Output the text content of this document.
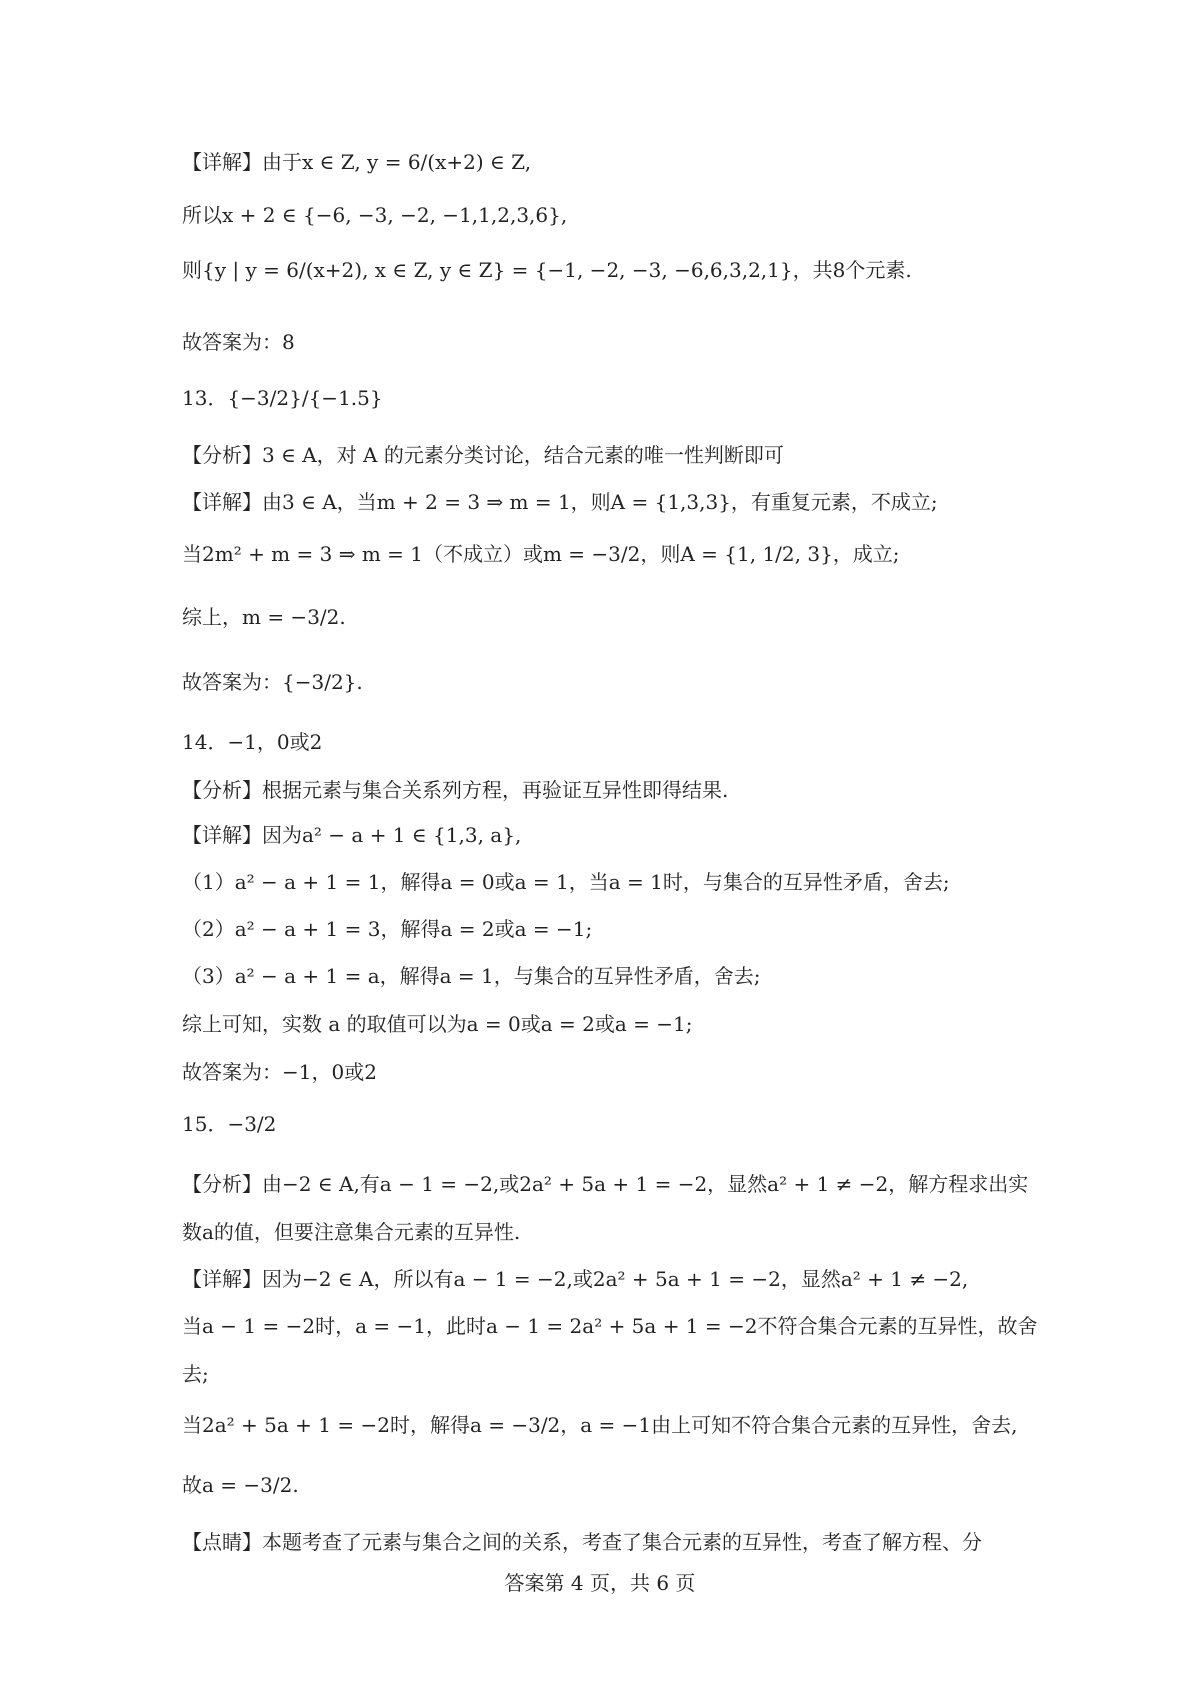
【详解】由于x ∈ Z, y = 6/(x+2) ∈ Z,
所以x + 2 ∈ {−6, −3, −2, −1,1,2,3,6},
则{y | y = 6/(x+2), x ∈ Z, y ∈ Z} = {−1, −2, −3, −6,6,3,2,1}，共8个元素.
故答案为：8
13．{−3/2}/{−1.5}
【分析】3 ∈ A，对 A 的元素分类讨论，结合元素的唯一性判断即可
【详解】由3 ∈ A，当m + 2 = 3 ⇒ m = 1，则A = {1,3,3}，有重复元素，不成立;
当2m² + m = 3 ⇒ m = 1（不成立）或m = −3/2，则A = {1, 1/2, 3}，成立;
综上，m = −3/2.
故答案为：{−3/2}.
14．−1，0或2
【分析】根据元素与集合关系列方程，再验证互异性即得结果.
【详解】因为a² − a + 1 ∈ {1,3, a},
（1）a² − a + 1 = 1，解得a = 0或a = 1，当a = 1时，与集合的互异性矛盾，舍去;
（2）a² − a + 1 = 3，解得a = 2或a = −1;
（3）a² − a + 1 = a，解得a = 1，与集合的互异性矛盾，舍去;
综上可知，实数 a 的取值可以为a = 0或a = 2或a = −1;
故答案为：−1，0或2
15．−3/2
【分析】由−2 ∈ A,有a − 1 = −2,或2a² + 5a + 1 = −2，显然a² + 1 ≠ −2，解方程求出实
数a的值，但要注意集合元素的互异性.
【详解】因为−2 ∈ A，所以有a − 1 = −2,或2a² + 5a + 1 = −2，显然a² + 1 ≠ −2,
当a − 1 = −2时，a = −1，此时a − 1 = 2a² + 5a + 1 = −2不符合集合元素的互异性，故舍
去;
当2a² + 5a + 1 = −2时，解得a = −3/2，a = −1由上可知不符合集合元素的互异性，舍去,
故a = −3/2.
【点睛】本题考查了元素与集合之间的关系，考查了集合元素的互异性，考查了解方程、分
答案第 4 页，共 6 页
